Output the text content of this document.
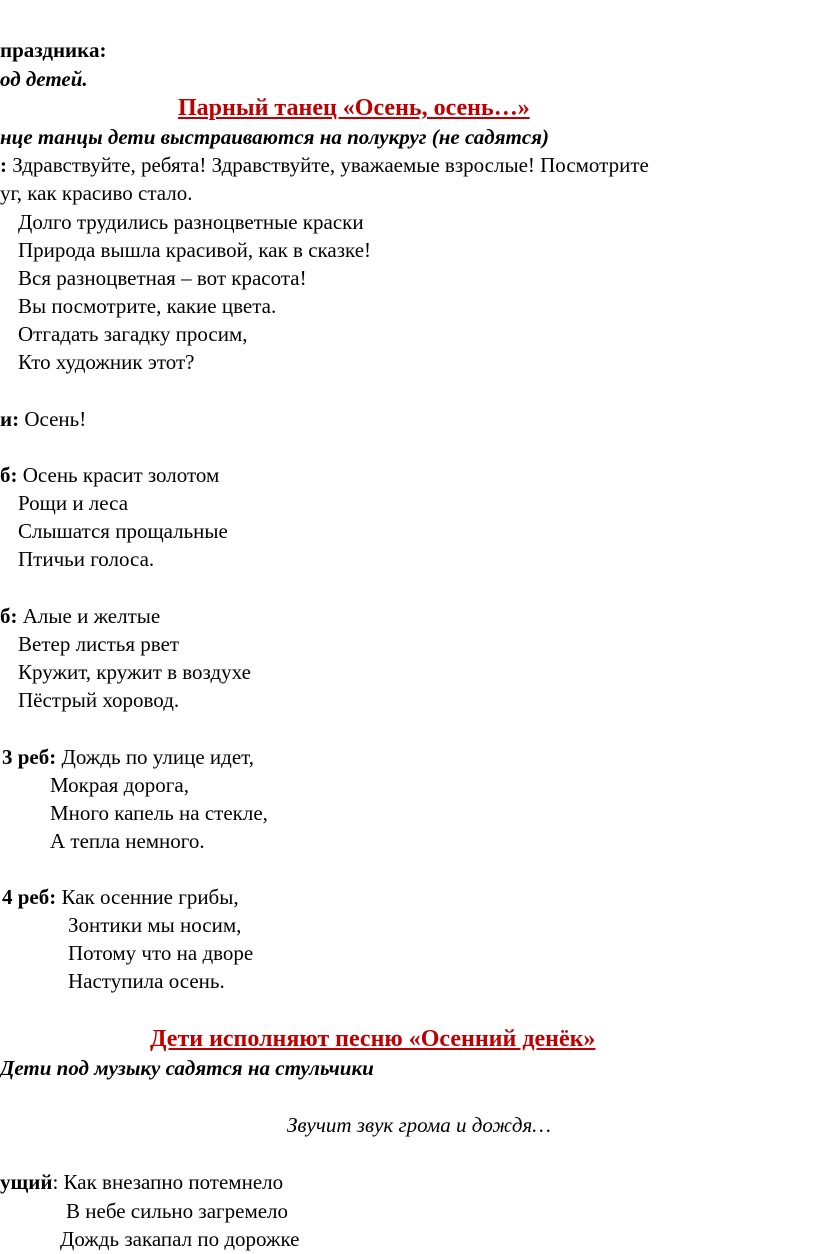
праздника:
од детей.
Парный танец «Осень, осень…»
нце танцы дети выстраиваются на полукруг (не садятся)
: Здравствуйте, ребята! Здравствуйте, уважаемые взрослые! Посмотрите
уг, как красиво стало.
Долго трудились разноцветные краски
Природа вышла красивой, как в сказке!
Вся разноцветная – вот красота!
Вы посмотрите, какие цвета.
Отгадать загадку просим,
Кто художник этот?
и: Осень!
б: Осень красит золотом
Рощи и леса
Слышатся прощальные
Птичьи голоса.
б: Алые и желтые
Ветер листья рвет
Кружит, кружит в воздухе
Пёстрый хоровод.
3 реб: Дождь по улице идет,
Мокрая дорога,
Много капель на стекле,
А тепла немного.
4 реб: Как осенние грибы,
Зонтики мы носим,
Потому что на дворе
Наступила осень.
Дети исполняют песню «Осенний денёк»
Дети под музыку садятся на стульчики
Звучит звук грома и дождя…
ущий: Как внезапно потемнело
В небе сильно загремело
Дождь закапал по дорожке
